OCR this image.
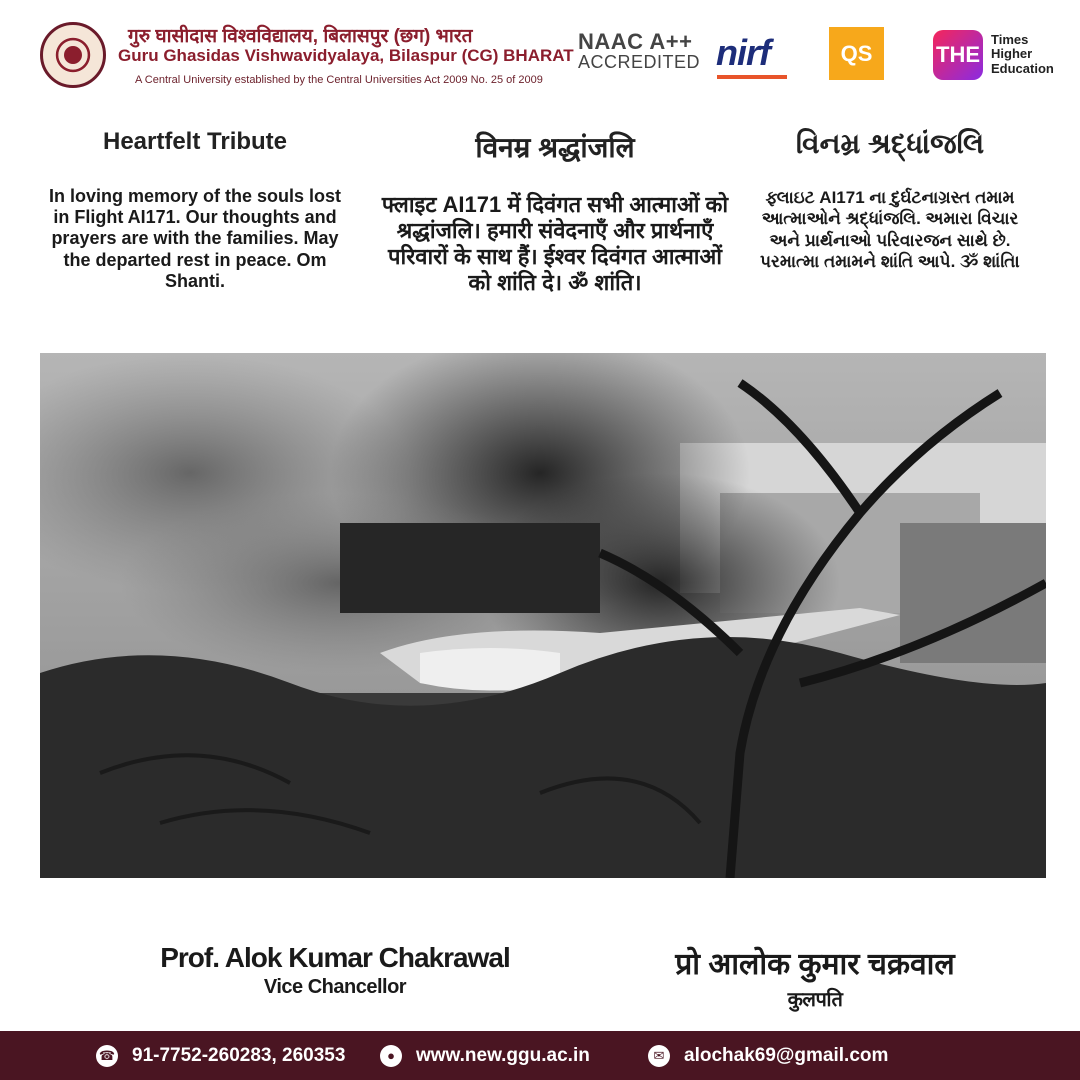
गुरु घासीदास विश्वविद्यालय, बिलासपुर (छग) भारत
Guru Ghasidas Vishwavidyalaya, Bilaspur (CG) BHARAT
A Central University established by the Central Universities Act 2009 No. 25 of 2009
NAAC A++
ACCREDITED nirf	QS	THE
Times
Higher
Education
Heartfelt Tribute
In loving memory of the souls lost in Flight AI171. Our thoughts and prayers are with the families. May the departed rest in peace. Om Shanti.
विनम्र श्रद्धांजलि
फ्लाइट AI171 में दिवंगत सभी आत्माओं को श्रद्धांजलि। हमारी संवेदनाएँ और प्रार्थनाएँ परिवारों के साथ हैं। ईश्वर दिवंगत आत्माओं को शांति दे। ॐ शांति।
વિનમ્ર શ્રદ્ધાંજલિ
ફ્લાઇટ AI171 ના દુર્ઘટનાગ્રસ્ત તમામ આત્માઓને શ્રદ્ધાંજલિ. અમારા વિચાર અને પ્રાર્થનાઓ પરિવારજન સાથે છે. પરમાત્મા તમામને શાંતિ આપે. ૐ શાંતિ।
Prof. Alok Kumar Chakrawal
Vice Chancellor
प्रो आलोक कुमार चक्रवाल
कुलपति
☎ 91-7752-260283, 260353	●	www.new.ggu.ac.in	✉ alochak69@gmail.com
